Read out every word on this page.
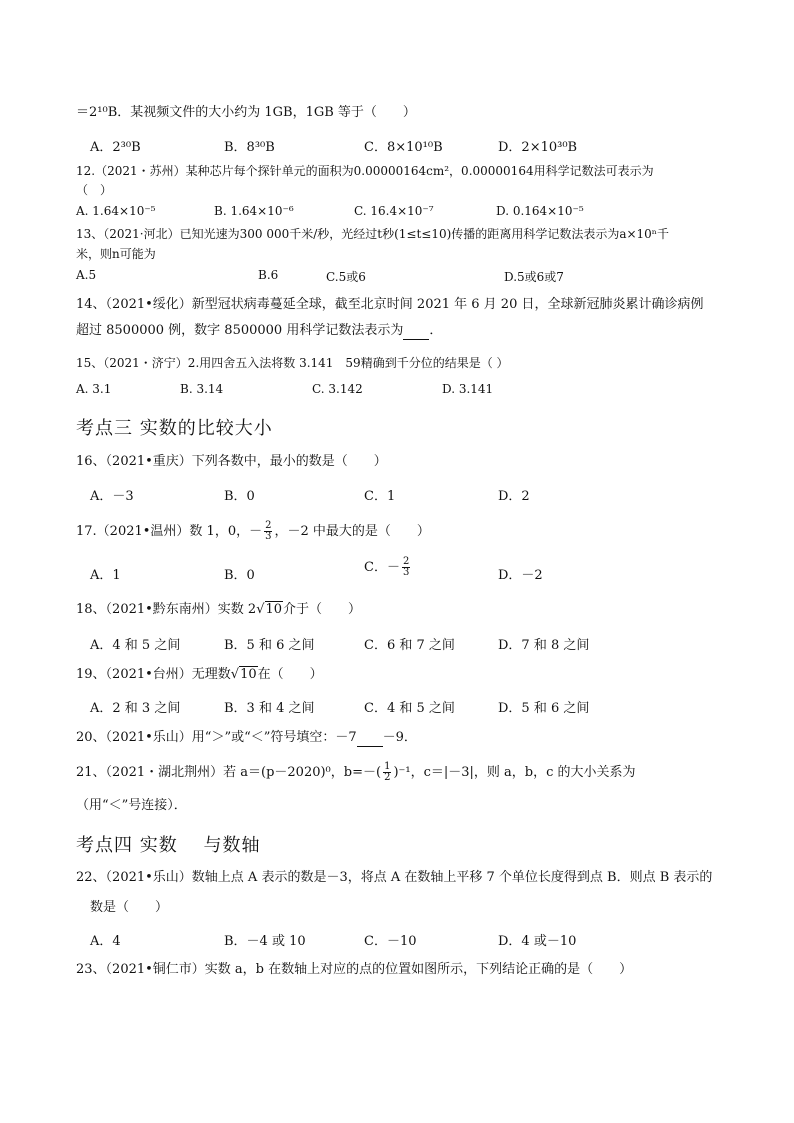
＝2¹⁰B．某视频文件的大小约为 1GB，1GB 等于（　　）
A．2³⁰B	B．8³⁰B	C．8×10¹⁰B	D．2×10³⁰B
12.（2021・苏州）某种芯片每个探针单元的面积为0.00000164cm²，0.00000164用科学记数法可表示为
（　）
A. 1.64×10⁻⁵	B. 1.64×10⁻⁶	C. 16.4×10⁻⁷	D. 0.164×10⁻⁵
13、（2021·河北）已知光速为300 000千米/秒，光经过t秒(1≤t≤10)传播的距离用科学记数法表示为a×10ⁿ千
米，则n可能为
A.5	B.6	C.5或6	D.5或6或7
14、（2021•绥化）新型冠状病毒蔓延全球，截至北京时间 2021 年 6 月 20 日，全球新冠肺炎累计确诊病例
超过 8500000 例，数字 8500000 用科学记数法表示为 ．
15、（2021・济宁）2.用四舍五入法将数 3.141　59精确到千分位的结果是（ ）
A. 3.1	B. 3.14	C. 3.142	D. 3.141
考点三 实数的比较大小
16、（2021•重庆）下列各数中，最小的数是（　　）
A．－3	B．0	C．1	D．2
17.（2021•温州）数 1，0，－ $\frac{2}{3}$ ，－2 中最大的是（　　）
A．1	B．0
C．－ $\frac{2}{3}$	D．－2
18、（2021•黔东南州）实数 2√10介于（　　）
A．4 和 5 之间	B．5 和 6 之间	C．6 和 7 之间	D．7 和 8 之间
19、（2021•台州）无理数√10在（　　）
A．2 和 3 之间	B．3 和 4 之间	C．4 和 5 之间	D．5 和 6 之间
20、（2021•乐山）用“＞”或“＜”符号填空：－7 －9．
21、（2021・湖北荆州）若 a＝(p－2020)⁰，$b=-( \frac{1}{2} )^{-1}$，c＝|－3|，则 a，b，c 的大小关系为
（用“＜”号连接）．
考点四 实数　 与数轴
22、（2021•乐山）数轴上点 A 表示的数是－3，将点 A 在数轴上平移 7 个单位长度得到点 B．则点 B 表示的
数是（　　）
A．4	B．－4 或 10	C．－10	D．4 或－10
23、（2021•铜仁市）实数 a，b 在数轴上对应的点的位置如图所示，下列结论正确的是（　　）
